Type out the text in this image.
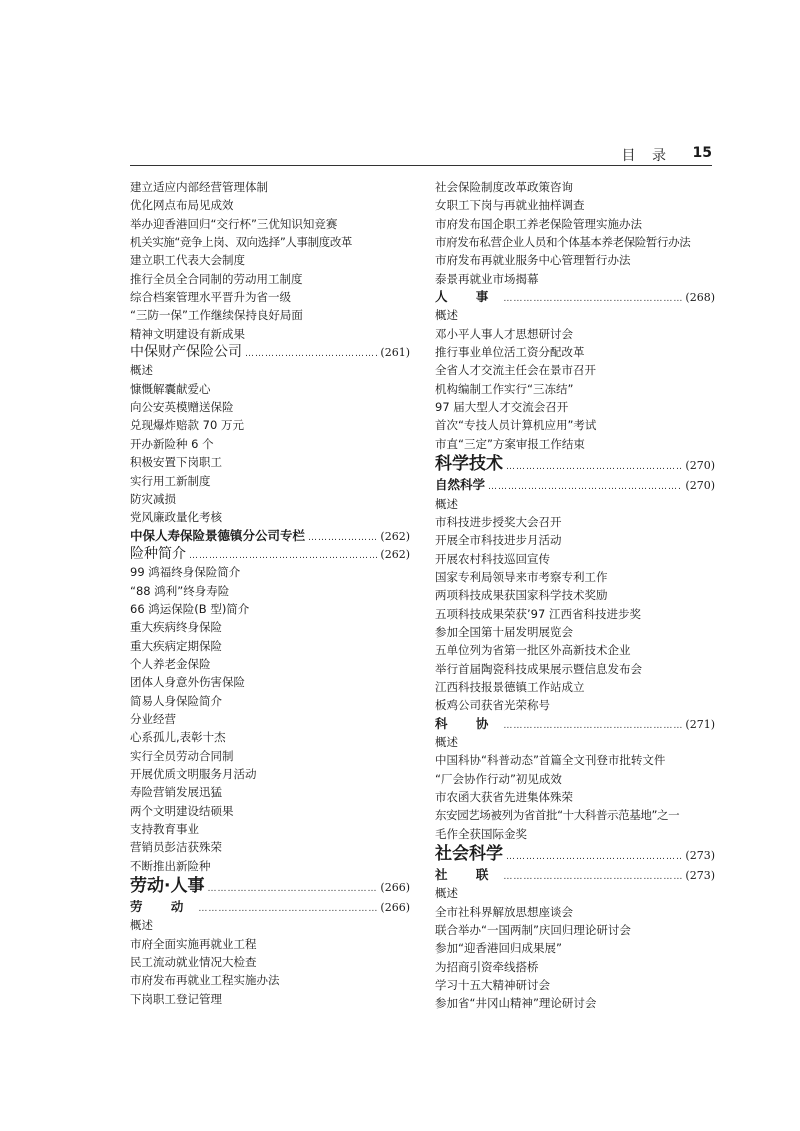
目 录 15
建立适应内部经营管理体制
优化网点布局见成效
举办迎香港回归“交行杯”三优知识知竞赛
机关实施“竞争上岗、双向选择”人事制度改革
建立职工代表大会制度
推行全员全合同制的劳动用工制度
综合档案管理水平晋升为省一级
“三防一保”工作继续保持良好局面
精神文明建设有新成果
中保财产保险公司 …………………………………………………………………………………………………………	(261)
概述
慷慨解囊献爱心
向公安英模赠送保险
兑现爆炸赔款 70 万元
开办新险种 6 个
积极安置下岗职工
实行用工新制度
防灾减损
党风廉政量化考核
中保人寿保险景德镇分公司专栏 …………………………………………………………………………………………………………	(262)
险种简介 …………………………………………………………………………………………………………	(262)
99 鸿福终身保险简介
“88 鸿利”终身寿险
66 鸿运保险(B 型)简介
重大疾病终身保险
重大疾病定期保险
个人养老金保险
团体人身意外伤害保险
简易人身保险简介
分业经营
心系孤儿,表彰十杰
实行全员劳动合同制
开展优质文明服务月活动
寿险营销发展迅猛
两个文明建设结硕果
支持教育事业
营销员彭洁获殊荣
不断推出新险种
劳动·人事 …………………………………………………………………………………………………………	(266)
劳 动 …………………………………………………………………………………………………………	(266)
概述
市府全面实施再就业工程
民工流动就业情况大检查
市府发布再就业工程实施办法
下岗职工登记管理
社会保险制度改革政策咨询
女职工下岗与再就业抽样调查
市府发布国企职工养老保险管理实施办法
市府发布私营企业人员和个体基本养老保险暂行办法
市府发布再就业服务中心管理暂行办法
泰景再就业市场揭幕
人 事 …………………………………………………………………………………………………………	(268)
概述
邓小平人事人才思想研讨会
推行事业单位活工资分配改革
全省人才交流主任会在景市召开
机构编制工作实行“三冻结”
97 届大型人才交流会召开
首次“专技人员计算机应用”考试
市直“三定”方案审报工作结束
科学技术 …………………………………………………………………………………………………………	(270)
自然科学 …………………………………………………………………………………………………………	(270)
概述
市科技进步授奖大会召开
开展全市科技进步月活动
开展农村科技巡回宣传
国家专利局领导来市考察专利工作
两项科技成果获国家科学技术奖励
五项科技成果荣获’97 江西省科技进步奖
参加全国第十届发明展览会
五单位列为省第一批区外高新技术企业
举行首届陶瓷科技成果展示暨信息发布会
江西科技报景德镇工作站成立
板鸡公司获省光荣称号
科 协 …………………………………………………………………………………………………………	(271)
概述
中国科协“科普动态”首篇全文刊登市批转文件
“厂会协作行动”初见成效
市农函大获省先进集体殊荣
东安园艺场被列为省首批“十大科普示范基地”之一
毛作全获国际金奖
社会科学 …………………………………………………………………………………………………………	(273)
社 联 …………………………………………………………………………………………………………	(273)
概述
全市社科界解放思想座谈会
联合举办“一国两制”庆回归理论研讨会
参加“迎香港回归成果展”
为招商引资牵线搭桥
学习十五大精神研讨会
参加省“井冈山精神”理论研讨会
